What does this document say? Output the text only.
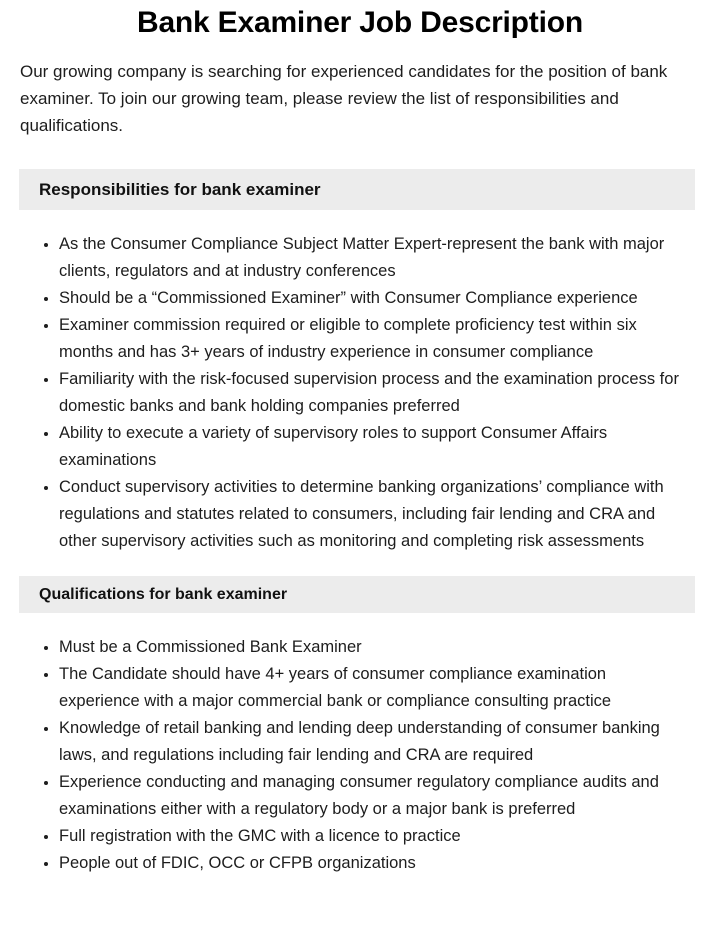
Bank Examiner Job Description

Our growing company is searching for experienced candidates for the position of bank examiner. To join our growing team, please review the list of responsibilities and qualifications.

Responsibilities for bank examiner
As the Consumer Compliance Subject Matter Expert-represent the bank with major clients, regulators and at industry conferences
Should be a “Commissioned Examiner” with Consumer Compliance experience
Examiner commission required or eligible to complete proficiency test within six months and has 3+ years of industry experience in consumer compliance
Familiarity with the risk-focused supervision process and the examination process for domestic banks and bank holding companies preferred
Ability to execute a variety of supervisory roles to support Consumer Affairs examinations
Conduct supervisory activities to determine banking organizations’ compliance with regulations and statutes related to consumers, including fair lending and CRA and other supervisory activities such as monitoring and completing risk assessments
Qualifications for bank examiner
Must be a Commissioned Bank Examiner
The Candidate should have 4+ years of consumer compliance examination experience with a major commercial bank or compliance consulting practice
Knowledge of retail banking and lending deep understanding of consumer banking laws, and regulations including fair lending and CRA are required
Experience conducting and managing consumer regulatory compliance audits and examinations either with a regulatory body or a major bank is preferred
Full registration with the GMC with a licence to practice
People out of FDIC, OCC or CFPB organizations
